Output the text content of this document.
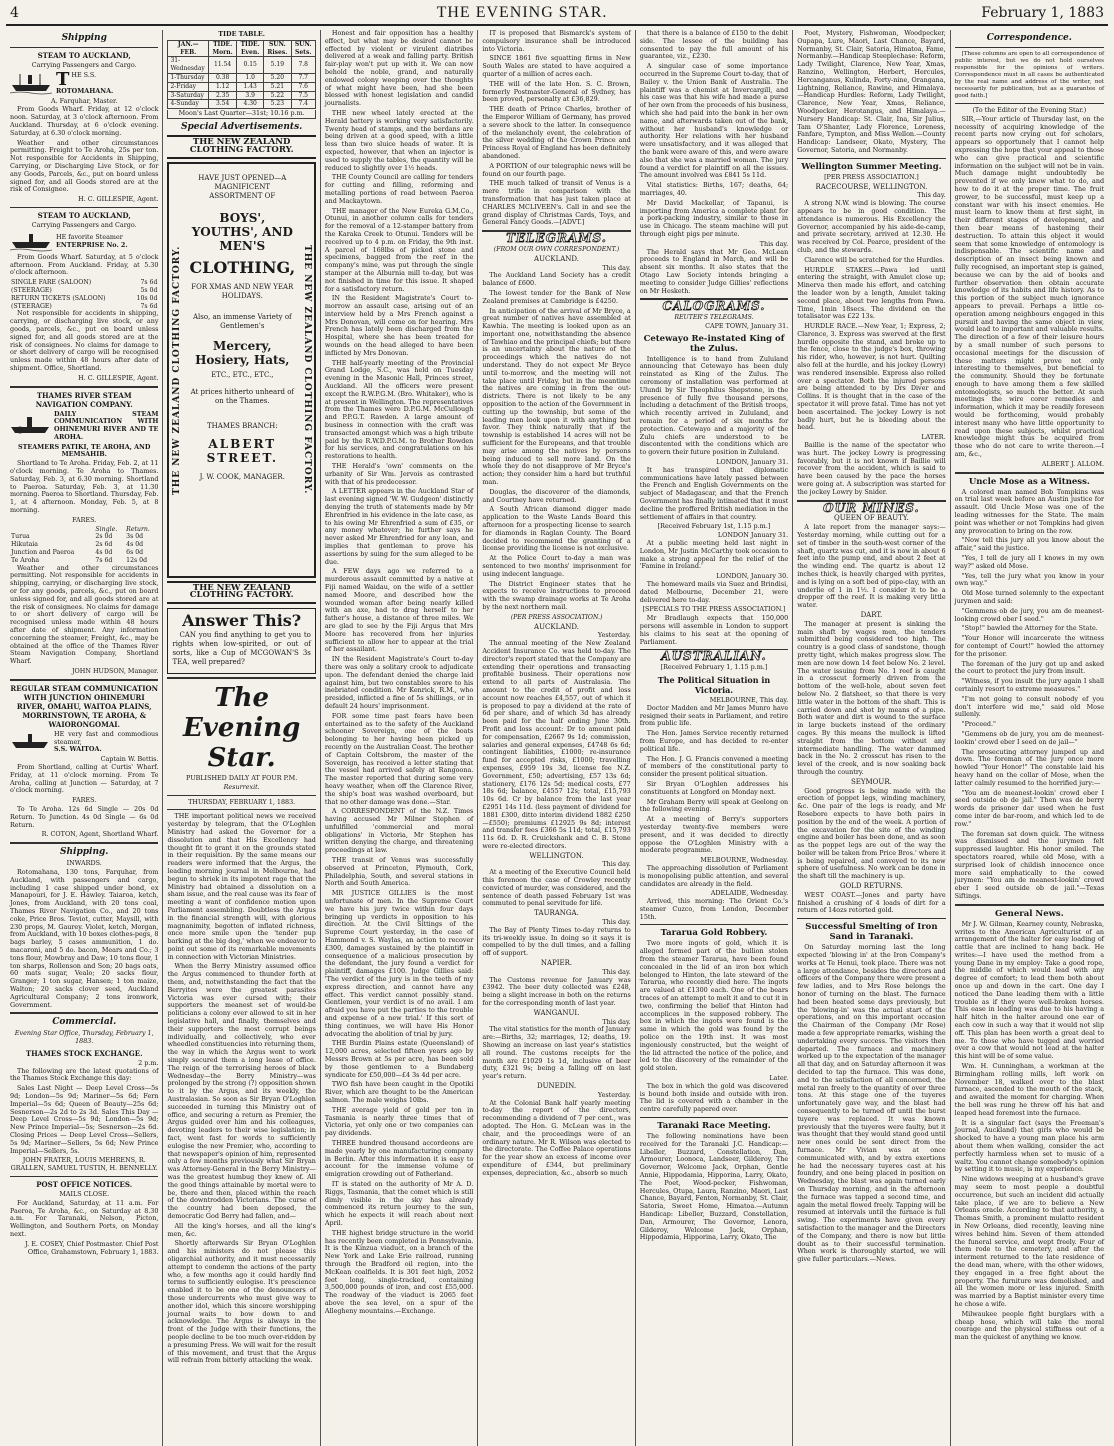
4	THE EVENING STAR.	February 1, 1883
Shipping
STEAM TO AUCKLAND,
Carrying Passengers and Cargo.
T HE S.S.
ROTOMAHANA.
A. Farquhar, Master.

From Goods Wharf. Friday, at 12 o'clock noon. Saturday, at 3 o'clock afternoon. From Auckland. Thursday, at 6 o'clock evening. Saturday, at 6.30 o'clock morning.

Weather and other circumstances permitting. Freight to Te Aroha, 25s per ton. Not responsible for Accidents in Shipping, Carrying, or Discharging Live Stock, or for any Goods, Parcels, &c., put on board unless signed for, and all Goods stored are at the risk of Consignee.

H. C. GILLESPIE, Agent.
STEAM TO AUCKLAND,
Carrying Passengers and Cargo.
HE favorite Steamer
ENTERPRISE No. 2.

From Goods Wharf. Saturday, at 5 o'clock afternoon. From Auckland. Friday, at 5.30 o'clock afternoon.

SINGLE FARE (SALOON)	7s 6d
(STEERAGE)	5s 0d
RETURN TICKETS (SALOON)	10s 0d
(STEERAGE)	7s 6d

Not responsible for accidents in shipping, carrying, or discharging live stock, or any goods, parcels, &c., put on board unless signed for, and all goods stored are at the risk of consignees. No claims for damage to or short delivery of cargo will be recognised unless made within 48 hours after date of shipment. Office, Shortland.

H. C. GILLESPIE, Agent.
THAMES RIVER STEAM NAVIGATION COMPANY.
DAILY STEAM COMMUNICATION WITH OHINEMURI RIVER AND TE AROHA.
STEAMERS PATIKI, TE AROHA, AND MEMSAHIB.

Shortland to Te Aroha. Friday, Feb. 2, at 11 o'clock morning. Te Aroha to Thames. Saturday, Feb. 3, at 6.30 morning. Shortland to Paeroa. Saturday, Feb. 3, at 11.30 morning. Paeroa to Shortland. Thursday, Feb. 1, at 4 afternoon. Monday, Feb. 5, at 8 morning.

FARES.
	Single.	Return.
Turua	2s 0d	3s 0d
Hikutaia	2s 6d	4s 0d
Junction and Paeroa	4s 0d	6s 0d
Te Aroha	7s 6d	12s 0d

Weather and other circumstances permitting. Not responsible for accidents in shipping, carrying, or discharging live stock, or for any goods, parcels, &c., put on board unless signed for, and all goods stored are at the risk of consignees. No claims for damage to or short delivery of cargo will be recognised unless made within 48 hours after date of shipment. Any information concerning the steamer, Freight, &c., may be obtained at the office of the Thames River Steam Navigation Company, Shortland Wharf.

JOHN HUDSON, Manager.
REGULAR STEAM COMMUNICATION WITH JUNCTION OHINEMURI RIVER, OMAHU, WAITOA PLAINS, MORRINSTOWN, TE AROHA, & WAIORONGOMAI.
HE very fast and commodious steamer,
S.S. WAITOA.
Captain W. Bettis.

From Shortland, calling at Curtis' Wharf. Friday, at 11 o'clock morning. From Te Aroha, calling at Junction — Saturday, at 7 o'clock morning.

FARES.

To Te Aroha. 12s 6d Single — 20s 0d Return. To Junction. 4s 0d Single — 6s 0d Return.

R. COTON, Agent, Shortland Wharf.
Shipping.
INWARDS.

Rotomahana, 130 tons, Farquhar, from Auckland, with passengers and cargo, including 1 case shipped under bond, ex Manapouri, for J. E. Hawley. Taiaroa, ketch, Jones, from Auckland, with 20 tons coal, Thames River Navigation Co., and 20 tons coke, Price Bros. Teviot, cutter, Maysill, with 230 props, M. Gaurey. Violet, ketch, Morgan, from Auckland, with 10 boxes clothes-pegs, 8 bags barley, 5 cases ammunition, 1 do. macaroni, and 5 do. bacon, Mears and Co.; 3 tons flour, Mowbray and Daw; 10 tons flour, 1 ton sharps, Rollenson and Son; 20 bags oats, 60 mats sugar, Vealo; 20 sacks flour, Granger; 1 ton sugar, Hansen; 1 ton maize, Walton; 20 sacks clover seed, Auckland Agricultural Company; 2 tons ironwork, Government.

Commercial.
Evening Star Office, Thursday, February 1, 1883.
THAMES STOCK EXCHANGE.
2 p.m.

The following are the latest quotations of the Thames Stock Exchange this day:

Sales Last Night — Deep Level Cross—5s 9d; London—5s 9d; Mariner—5s 6d; Fern Imperial—5s 6d; Queen of Beauty—25s 6d; Sesnerson—2s 2d to 2s 3d. Sales This Day — Deep Level Cross—5s 9d; London—5s 9d; New Prince Imperial—5s; Sesnerson—2s 6d. Closing Prices — Deep Level Cross—Sellers, 5s 9d; Mariner—Sellers, 5s 6d; New Prince Imperial—Sellers, 5s.

JOHN FRATER, LOUIS MEHRENS, R. GRALLEN, SAMUEL TUSTIN, H. BENNELLY.
POST OFFICE NOTICES.
MAILS CLOSE.

For Auckland, Saturday, at 11 a.m. For Paeroa, Te Aroha, &c., on Saturday at 8.30 a.m. For Taranaki, Nelson, Picton, Wellington, and Southern Ports, on Monday next.

J. E. COSEY, Chief Postmaster. Chief Post Office, Grahamstown, February 1, 1883.
TIDE TABLE.
JAN.—FEB.	TIDE. Morn.	TIDE. Even.	SUN. Rises.	SUN. Sets.
31-Wednesday	11.54	0.15	5.19	7.8
1-Thursday	0.38	1.0	5.20	7.7
2-Friday	1.12	1.43	5.21	7.6
3-Saturday	2.35	3.9	5.22	7.5
4-Sunday	3.54	4.30	5.23	7.4
Moon's Last Quarter—31st; 10.16 p.m.
Special Advertisements.
THE NEW ZEALAND CLOTHING FACTORY.
THE NEW ZEALAND CLOTHING FACTORY.
HAVE JUST OPENED—A MAGNIFICENT ASSORTMENT OF
BOYS', YOUTHS', AND MEN'S
CLOTHING,
FOR XMAS AND NEW YEAR HOLIDAYS.
Also, an immense Variety of Gentlemen's
Mercery, Hosiery, Hats,
ETC., ETC., ETC.,
At prices hitherto unheard of on the Thames.
THAMES BRANCH:
ALBERT STREET.
J. W. COOK, MANAGER.	THE NEW ZEALAND CLOTHING FACTORY.
THE NEW ZEALAND CLOTHING FACTORY.
Answer This?

CAN you find anything to get you to rights when low-spirited, or out of sorts, like a Cup of MCGOWAN'S 3s TEA, well prepared?

The Evening Star.
PUBLISHED DAILY AT FOUR P.M.
Resurrexit.
THURSDAY, FEBRUARY 1, 1883.

THE important political news we received yesterday by telegram, that the O'Loghlen Ministry had asked the Governor for a dissolution and that His Excellency had thought fit to grant it on the grounds stated in their requisition. By the same means our readers were informed that the Argus, the leading morning journal in Melbourne, had begun to shriek in its impotent rage that the Ministry had obtained a dissolution on a sham issue, and the real cause was its fear of meeting a want of confidence motion upon Parliament assembling. Doubtless the Argus in the financial strength will, with glorious magnanimity, begotten of inflated richness, once more smile upon the 'tender pup barking at the big dog,' when we endeavor to point out some of its remarkable movements in connection with Victorian Ministries.

When the Berry Ministry assumed office the Argus commenced to thunder forth at them, and, notwithstanding the fact that the Berryites were the greatest parasites Victoria was ever cursed with; their supporters the meanest set of would-be politicians a colony ever allowed to sit in her legislative hall, and finally, themselves and their supporters the most corrupt beings individually, and collectively, who ever wheedled constituencies into returning them, the way in which the Argus went to work simply secured them a long lease of office. The reign of the terrorising heroes of black Wednesday—the Berry Ministry—was prolonged by the strong (?) opposition shown to it by the Argus, and its weekly, the Australasian. So soon as Sir Bryan O'Loghlen succeeded in turning this Ministry out of office, and securing a return as Premier, the Argus guided over him and his colleagues, devoting leaders to their wise legislation; in fact, went fast for words to sufficiently eulogise the new Premier, who, according to that newspaper's opinion of him, represented only a few months previously what Sir Bryan was Attorney-General in the Berry Ministry—was the greatest humbug they knew of. All the good things attainable by mortal were to be, there and then, placed within the reach of the downtrodden Victorians. The curse of the country had been deposed, the democratic God Berry had fallen, and—

All the king's horses, and all the king's men, &c.

Shortly afterwards Sir Bryan O'Loghlen and his ministers do not please this oligarchial authority, and it must necessarily attempt to condemn the actions of the party who, a few months ago it could hardly find terms to sufficiently eulogise. It's prescience enabled it to be one of the denouncers of those undercurrents who must give way to another idol, which this sincere worshipping journal waits to bow down to and acknowledge. The Argus is always in the front of the Judge with their functions, the people decline to be too much over-ridden by a presuming Press. We will wait for the result of this movement, and trust that the Argus will refrain from bitterly attacking the weak.

Honest and fair opposition has a healthy effect, but what may be desired cannot be effected by violent or virulent diatribes delivered at a weak and falling party. British fair-play won't put up with it. We can now behold the noble, grand, and naturally endowed colony weeping over the thoughts of what might have been, had she been blessed with honest legislation and candid journalists.

THE new wheel lately erected at the Herald battery is working very satisfactorily. Twenty head of stamps, and the berdans are being driven at a good speed, with a little less than two sluice heads of water. It is expected, however, that when an injector is used to supply the tables, the quantity will be reduced to slightly over 1½ heads.

THE County Council are calling for tenders for cutting and filling, reforming and metalling portions of road between Paeroa and Mackaytown.

THE manager of the New Eureka G.M.Co., Otunui, in another column calls for tenders for the removal of a 12-stamper battery from the Karaka Creek to Otunui. Tenders will be received up to 4 p.m. on Friday, the 9th inst. A parcel of 168lbs of picked stone and specimens, bagged from the reef in the company's mine, was put through the single stamper at the Alburnia mill to-day, but was not finished in time for this issue. It shaped for a satisfactory return.

IN the Resident Magistrate's Court to-morrow an assault case, arising out of an interview held by a Mrs French against a Mrs Donovan, will come on for hearing. Mrs French has lately been discharged from the Hospital, where she has been treated for wounds on the head alleged to have been inflicted by Mrs Donovan.

THE half-yearly meeting of the Provincial Grand Lodge, S.C., was held on Tuesday evening in the Masonic Hall, Princes street, Auckland. All the officers were present except the R.W.P.G.M. (Bro. Whitaker), who is at present in Wellington. The representatives from the Thames were D.P.G.M. McCullough and P.P.G.T. Rawden. A large amount of business in connection with the craft was transacted amongst which was a high tribute paid by the R.W.D.P.G.M. to Brother Rowden for his services, and congratulations on his restorations to health.

THE Herald's 'own' comments on the urbanity of Sir Wm. Jervois as contrasted with that of his predecessor.

A LETTER appears in the Auckland Star of last evening signed 'W. W. Gudgeon' distinctly denying the truth of statements made by Mr Ehrenfried in his evidence in the late case, as to his owing Mr Ehrenfried a sum of £35, or any money whatever; he further says he never asked Mr Ehrenfried for any loan, and implies that gentleman to prove his assertions by suing for the sum alleged to be due.

A FEW days ago we referred to a murderous assault committed by a native at Fiji named Waidau, on the wife of a settler named Moore, and described how the wounded woman after being nearly killed with an axe, had to drag herself to her father's house, a distance of three miles. We are glad to see by the Fiji Argus that Mrs Moore has recovered from her injuries sufficient to allow her to appear at the trial of her assailant.

IN the Resident Magistrate's Court to-day there was only a solitary crook to adjudicate upon. The defendant denied the charge laid against him, but two constables swore to his inebriated condition. Mr Kenrick, R.M., who presided, inflicted a fine of 5s shillings, or in default 24 hours' imprisonment.

FOR some time past fears have been entertained as to the safety of the Auckland schooner Sovereign, one of the boats belonging to her having been picked up recently on the Australian Coast. The brother of Captain Coltsbrom, the master of the Sovereign, has received a letter stating that the vessel had arrived safely at Rangoona. The master reported that during some very heavy weather, when off the Clarence River, the ship's boat was washed overboard, but that no other damage was done.—Star.

A CORRESPONDENT of the N.Z. Times having accused Mr Milner Stephen of unfulfilled 'commercial and moral obligations' in Victoria, Mr Stephen has written denying the charge, and threatening proceedings at law.

THE transit of Venus was successfully observed at Princeton, Plymouth, Cork, Philadelphia, South, and several stations in North and South America.

MR JUSTICE GILLIES is the most unfortunate of men. In the Supreme Court we have his jury twice within four days bringing up verdicts in opposition to his direction. At the Civil Sittings of the Supreme Court yesterday, in the case of Hammond v. S. Waylas, an action to recover £300, damages sustained by the plaintiff in consequence of a malicious prosecution by the defendant, the jury found a verdict for plaintiff, damages £100. Judge Gillies said: 'The verdict of the jury is in the teeth of my express direction, and cannot have any effect. This verdict cannot possibly stand. Gentlemen, your verdict is of no avail. I am afraid you have put the parties to the trouble and expense of a new trial.' If this sort of thing continues, we will have His Honor advocating the abolition of trial by jury.

THE Burdin Plains estate (Queensland) of 12,000 acres, selected fifteen years ago by Messrs Brown at 5s per acre, has been sold by those gentlemen to a Bundaberg syndicate for £50,000—£4 3s 4d per acre.

TWO fish have been caught in the Opotiki River, which are thought to be the American salmon. The male weighs 10lbs.

THE average yield of gold per ton in Tasmania is nearly three times that of Victoria, yet only one or two companies can pay dividends.

THREE hundred thousand accordeons are made yearly by one manufacturing company in Berlin. After this information it is easy to account for the immense volume of emigration crowding out of Fatherland.

IT is stated on the authority of Mr A. D. Riggs, Tasmania, that the comet which is still dimly visible in the sky has already commenced its return journey to the sun, which he expects it will reach about next April.

THE highest bridge structure in the world has recently been completed in Pennsylvania. It is the Kinzua viaduct, on a branch of the New York and Lake Erie railroad, running through the Bradford oil region, into the McKean coalfields. It is 301 feet high, 2052 feet long, single-tracked, containing 3,500,000 pounds of iron, and cost £55,000. The roadway of the viaduct is 2065 feet above the sea level, on a spur of the Allegheny mountains.—Exchange.

IT is proposed that Bismarck's system of compulsory insurance shall be introduced into Victoria.

SINCE 1861 five squatting firms in New South Wales are stated to have acquired a quarter of a million of acres each.

THE will of the late Hon. S. C. Brown, formerly Postmaster-General of Sydney, has been proved, personalty at £36,829.

THE death of Prince Charles, brother of the Emperor William of Germany, has proved a severe shock to the latter. In consequence of the melancholy event, the celebration of the silver wedding of the Crown Prince and Princess Royal of England has been definitely abandoned.

A PORTION of our telegraphic news will be found on our fourth page.

THE much talked of transit of Venus is a mere trifle in comparison with the transformation that has just taken place at CHARLES MCLIVEEN's. Call in and see the grand display of Christmas Cards, Toys, and General Fancy Goods.—[ADVT.]

TELEGRAMS.
(FROM OUR OWN CORRESPONDENT.)
AUCKLAND.
This day.

The Auckland Land Society has a credit balance of £600.

The lowest tender for the Bank of New Zealand premises at Cambridge is £4250.

In anticipation of the arrival of Mr Bryce, a great number of natives have assembled at Kawhia. The meeting is looked upon as an important one, notwithstanding the absence of Tawhiao and the principal chiefs; but there is an uncertainty about the nature of the proceedings which the natives do not understand. They do not expect Mr Bryce until to-morrow, and the meeting will not take place until Friday, but in the meantime the natives are coming in from the out-districts. There is not likely to be any opposition to the action of the Government in cutting up the township, but some of the leading men look upon it with anything but favor. They think naturally that if the township is established 14 acres will not be sufficient for the Europeans, and that trouble may arise among the natives by persons being induced to sell more land. On the whole they do not disapprove of Mr Bryce's action; they consider him a hard but truthful man.

Douglas, the discoverer of the diamonds, and Courtney have returned.

A South African diamond digger made application to the Waste Lands Board this afternoon for a prospecting license to search for diamonds in Raglan County. The Board decided to recommend the granting of a license providing the license is not exclusive.

At the Police Court to-day a man was sentenced to two months' imprisonment for using indecent language.

The District Engineer states that he expects to receive instructions to proceed with the swamp drainage works at Te Aroha by the next northern mail.

(PER PRESS ASSOCIATION.)
AUCKLAND.
Yesterday.

The annual meeting of the New Zealand Accident Insurance Co. was held to-day. The director's report stated that the Company are extending their operations and transacting profitable business. Their operations now extend to all parts of Australasia. The amount to the credit of profit and loss account now reaches £4,557, out of which it is proposed to pay a dividend at the rate of 6d per share, and of which 3d has already been paid for the half ending June 30th. Profit and loss account: Dr to amount paid for compensation, £2667 9s 1d; commission, salaries and general expenses, £4748 6s 6d; contingent liabilities, £1000; re-insurance fund for accepted risks, £1000; travelling expenses, £959 19s 3d, license fee N.Z. Government, £50; advertising, £57 13s 6d; stationery, £176 12s 5d; medical costs, £77 18s 6d; balance, £4557 12s; total, £15,793 10s 6d. Cr by balance from the last year £2951 14s 11d. (less payment of dividend for 1881 £300, ditto interim dividend 1882 £250—£550); premiums £12925 9s 8d; interest and transfer fees £366 5s 11d; total, £15,793 11s 6d. D. R. Cruickshank and C. B. Stone were re-elected directors.

WELLINGTON.
This day.

At a meeting of the Executive Council held this forenoon the case of Crowley recently convicted of murder, was considered, and the sentence of death passed February 1st was commuted to penal servitude for life.

TAURANGA.
This day.

The Bay of Plenty Times to-day returns to its tri-weekly issue. In doing so it says it is compelled to by the dull times, and a falling off of support.

NAPIER.
This day.

The Customs revenue for January was £3942. The beer duty collected was £248, being a slight increase in both on the returns for the corresponding month of last year.

WANGANUI.
This day.

The vital statistics for the month of January are:—Births, 32; marriages, 12; deaths, 19. Showing an increase on last year's statistics all round. The customs receipts for the month are £1029 1s 1d, inclusive of beer duty, £321 9s; being a falling off on last year's return.

DUNEDIN.
Yesterday.

At the Colonial Bank half yearly meeting to-day the report of the directors, recommending a dividend of 7 per cent., was adopted. The Hon. G. McLean was in the chair, and the proceedings were of an ordinary nature. Mr R. Wilson was elected to the directorate. The Coffee Palace operations for the year show an excess of income over expenditure of £344, but preliminary expenses, depreciation, &c., absorb so much

that there is a balance of £150 to the debit side. The lessee of the building has consented to pay the full amount of his guarantee, viz., £230.

A singular case of some importance occurred in the Supreme Court to-day, that of Bailey v. the Union Bank of Australia. The plaintiff was a chemist at Invercargill, and his case was that his wife had made a purse of her own from the proceeds of his business, which she had paid into the bank in her own name, and afterwards taken out of the bank, without her husband's knowledge or authority. Her relations with her husband were unsatisfactory, and it was alleged that the bank were aware of this, and were aware also that she was a married woman. The jury found a verdict for plaintiff on all the issues. The amount involved was £841 5s 11d.

Vital statistics: Births, 167; deaths, 64; marriages, 40.

Mr David Mackellar, of Tapanui, is importing from America a complete plant for a pork-packing industry, similar to those in use in Chicago. The steam machine will put through eight pigs per minute.

This day.

The Herald says that Mr Geo. McLean proceeds to England in March, and will be absent six months. It also states that the Otago Law Society intends bringing a meeting to consider Judge Gillies' reflections on Mr Hesketh.

CALOGRAMS.
REUTER'S TELEGRAMS.
CAPE TOWN, January 31.
Cetewayo Re-instated King of the Zulus.

Intelligence is to hand from Zululand announcing that Cetewayo has been duly reinstated as King of the Zulus. The ceremony of installation was performed at Ulundi by Sir Theophilus Shepstone, in the presence of fully five thousand persons, including a detachment of the British troops, which recently arrived in Zululand, and remain for a period of six months for protection. Cetewayo and a majority of the Zulu chiefs are understood to be discontented with the conditions which are to govern their future position in Zululand.

LONDON, January 31.

It has transpired that diplomatic communications have lately passed between the French and English Governments on the subject of Madagascar, and that the French Government has finally intimated that it must decline the proffered British mediation in the settlement of affairs in that country.

[Received February 1st, 1.15 p.m.]
LONDON January 31.

At a public meeting held last night in London, Mr Justin McCarthy took occasion to make a strong appeal for the relief of the 'Famine in Ireland.'

LONDON, January 30.

The homeward mails via Suez and Brindisi, dated Melbourne, December 21, were delivered here to-day.

[SPECIALS TO THE PRESS ASSOCIATION.]

Mr Bradlaugh expects that 150,000 persons will assemble in London to support his claims to his seat at the opening of Parliament.

AUSTRALIAN.
[Received February 1, 1.15 p.m.]
The Political Situation in Victoria.
MELBOURNE, This day.

Doctor Madden and Mr James Munro have resigned their seats in Parliament, and retire from public life.

The Hon. James Service recently returned from Europe, and has decided to re-enter political life.

The Hon. J. G. Francis convened a meeting of members of the constitutional party to consider the present political situation.

Sir Bryan O'Loghlen addresses his constituents at Longford on Monday next.

Mr Graham Berry will speak at Geelong on the following evening.

At a meeting of Berry's supporters yesterday twenty-five members were present, and it was decided to directly oppose the O'Loghlen Ministry with a moderate programme.

MELBOURNE, Wednesday.

The approaching dissolution of Parliament is monopolising public attention, and several candidates are already in the field.

ADELAIDE, Wednesday.

Arrived, this morning: The Orient Co.'s steamer Cuzco, from London, December 15th.

Tararua Gold Robbery.

Two more ingots of gold, which it is alleged formed part of the bullion stolen from the steamer Tararua, have been found concealed in the lid of an iron box which belonged to Hinton, the late steward of the Tararua, who recently died here. The ingots are valued at £1300 each. One of the bears traces of an attempt to melt it and to cut it in two, confirming the belief that Hinton had accomplices in the supposed robbery. The box in which the ingots were found is the same in which the gold was found by the police on the 19th inst. It was most ingeniously constructed, but the weight of the lid attracted the notice of the police, and led to the discovery of the remainder of the gold stolen.

Later.

The box in which the gold was discovered is bound both inside and outside with iron. The lid is covered with a chamber in the centre carefully papered over.

Taranaki Race Meeting.

The following nominations have been received for the Taranaki J.C. Handicap:— Libeller, Buzzard, Constellation, Dan, Armourer, Loonoca, Landseer, Gilderoy, The Governor, Welcome Jack, Orphan, Gentle Annie, Hippodamia, Hipporina, Larry, Okato, The Poet, Wood-pecker, Fishwoman, Hercules, Otupa, Laura, Ranzino, Maori, Last Chance, Bayard, Fenton, Normanby, St. Clair, Satoria, Sweet Home, Himatoa.—Autumn Handicap: Libeller, Buzzard, Constellation, Dan, Armourer, The Governor, Lenora, Gilderoy, Welcome Jack, Orphan, Hippodamia, Hipporina, Larry, Okato, The

Poet, Mystery, Fishwoman, Woodpecker, Oupapa, Lure, Maori, Last Chance, Bayard, Normanby, St. Clair, Satoria, Himatoa, Fame, Normanby.—Handicap Steeplechase: Reform, Lady Twilight, Clarence, New Year, Xmas, Ranzino, Wellington, Herbert, Hercules, Hercanganus, Kulinda, Forty-nine, Orangana, Lightning, Reliance, Rawine, and Himalaya.—Handicap Hurdles: Reform, Lady Twilight, Clarence, New Year, Xmas, Reliance, Woodpecker, Herotangus, and Himalaya.—Nursery Handicap: St. Clair, Ina, Sir Julius, Tam O'Shanter, Lady Florence, Loreness, Fanfare, Tympton, and Miss Wellon.—County Handicap: Landseer, Okato, Mystery, The Governor, Satoria, and Normanby.

Wellington Summer Meeting.
[PER PRESS ASSOCIATION.]
RACECOURSE, WELLINGTON.
This day.

A strong N.W. wind is blowing. The course appears to be in good condition. The attendance is numerous. His Excellency the Governor, accompanied by his aide-de-camp, and private secretary, arrived at 12.30. He was received by Col. Pearce, president of the club, and the stewards.

Clarence will be scratched for the Hurdles.

HURDLE STAKES.—Pawa led until entering the straight, with Amulet close up; Minerva then made his effort, and catching the leader won by a length, Amulet taking second place, about two lengths from Pawa. Time, 1min 18secs. The dividend on the totalisator was £22 13s.

HURDLE RACE.—New Year, 1; Express, 2; Clarence, 3. Express was swerved at the first hurdle opposite the stand, and broke up to the fence, close to the judge's box, throwing his rider, who, however, is not hurt. Quilting also fell at the hurdle, and his jockey (Lowry) was rendered insensible. Express also rolled over a spectator. Both the injured persons are being attended to by Drs Diver and Collins. It is thought that in the case of the spectator it will prove fatal. Time has not yet been ascertained. The jockey Lowry is not badly hurt, but he is bleeding about the head.

LATER.

Baillie is the name of the spectator who was hurt. The jockey Lowry is progressing favorably, but it is not known if Baillie will recover from the accident, which is said to have been caused by the pace the horses were going at. A subscription was started for the jockey Lowry by Snider.

OUR MINES.
QUEEN OF BEAUTY.

A late report from the manager says:— Yesterday morning, while cutting out for a set of timber in the south-west corner of the shaft, quartz was cut, and it is now in about 6 feet into the pump end, and about 2 feet at the winding end. The quartz is about 12 inches thick, is heavily charged with pyrites, and is lying on a soft bed of pipe-clay, with an underlie of 1 in 1½. I consider it to be a dropper off the reef. It is making very little water.

DART.

The manager at present is sinking the main shaft by wages men, the tenders submitted being considered too high. The country is a good class of sandstone, though pretty tight, which makes progress slow. The men are now down 14 feet below No. 2 level. The water issuing from No. 1 reef is caught in a crosscut formerly driven from the bottom of the well-hole, about seven feet below No. 2 flatsheet, so that there is very little water in the bottom of the shaft. This is carried down and shot by means of a pipe. Both water and dirt is wound to the surface in large buckets instead of the ordinary cages. By this means the mullock is lifted straight from the bottom without any intermediate handling. The water dammed back in the No. 2 crosscut has risen to the level of the creek, and is now soaking back through the country.

SEYMOUR.

Good progress is being made with the erection of poppet legs, winding machinery, &c. One pair of the legs is ready, and Mr Rosebore expects to have both pairs in position by the end of the week. A portion of the excavation for the site of the winding engine and boiler has been done, and as soon as the poppet legs are out of the way the boiler will be taken from Price Bros.' where it is being repaired, and conveyed to its new sphere of usefulness. No work can be done in the shaft till the machinery is up.

GOLD RETURNS.

WEST COAST.—Jones and party have finished a crushing of 4 loads of dirt for a return of 14ozs retorted gold.

Successful Smelting of Iron Sand in Taranaki.

On Saturday morning last the long expected 'blowing in' at the Iron Company's works at Te Henui, took place. There was not a large attendance, besides the directors and officers of the Company there were present a few ladies, and to Mrs Rose belongs the honor of turning on the blast. The furnace had been heated some days previously, but the 'blowing-in' was the actual start of the operations, and on this important occasion the Chairman of the Company (Mr Rose) made a few appropriate remarks, wishing the undertaking every success. The visitors then departed. The furnace and machinery worked up to the expectation of the manager all that day, and on Saturday afternoon it was decided to tap the furnace. This was done, and to the satisfaction of all concerned, the metal ran freely to the quantity of over three tons. At this stage one of the tuyeres unfortunately gave way, and the blast had consequently to be turned off until the burst tuyere was replaced. It was known previously that the tuyeres were faulty, but it was thought that they would stand good until new ones could be sent direct from the furnace. Mr Vivian was at once communicated with, and by extra exertions he had the necessary tuyeres cast at his foundry, and one being placed in position on Wednesday, the blast was again turned early on Thursday morning, and in the afternoon the furnace was tapped a second time, and again the metal flowed freely. Tapping will be resumed at intervals until the furnace is full swing. The experiments have given every satisfaction to the manager and the Directors of the Company, and there is now but little doubt as to their successful termination. When work is thoroughly started, we will give fuller particulars.—News.

Correspondence.

[These columns are open to all correspondence of public interest, but we do not hold ourselves responsible for the opinions of writers. Correspondence must in all cases be authenticated by the real name and address of the writer, not necessarily for publication, but as a guarantee of good faith.]

(To the Editor of the Evening Star.)

SIR,—Your article of Thursday last, on the necessity of acquiring knowledge of the recent parts now crying out for scholars, appears so opportunely that I cannot help expressing the hope that your appeal to those who can give practical and scientific information on the subject will not be in vain. Much damage might undoubtedly be prevented if we only knew what to do, and how to do it at the proper time. The fruit grower, to be successful, must keep up a constant war with his insect enemies. He must learn to know them at first sight, in their different stages of development, and then bear means of hastening their destruction. To attain this object it would seem that some knowledge of entomology is indispensable. The scientific name and description of an insect being known and fully recognised, an important step is gained, because we can by the aid of books and further observation then obtain accurate knowledge of its habits and life history. As to this portion of the subject much ignorance appears to prevail. Perhaps a little co-operation among neighbours engaged in this pursuit and having the same object in view, would lead to important and valuable results. The direction of a few of their leisure hours by a small number of such persons to occasional meetings for the discussion of these matters might prove not only interesting to themselves, but beneficial to the community. Should they be fortunate enough to have among them a few skilled entomologists, so much the better. At such meetings the wire corer remedies and information, which it may be readily foreseen would be forthcoming, would probably interest many who have little opportunity to read upon these subjects, whilst practical knowledge might thus be acquired from those who do not care to write thereon.—I am, &c.,

ALBERT J. ALLOM.
Uncle Mose as a Witness.

A colored man named Bob Tompkins was on trial last week before an Austin justice for assault. Old Uncle Mose was one of the leading witnesses for the State. The main point was whether or not Tompkins had given any provocation to bring on the row.

"Now tell this jury all you know about the affair," said the justice.

"Yes, I tell de jury all I knows in my own way?" asked old Mose.

"Yes, tell the jury what you know in your own way."

Old Mose turned solemnly to the expectant jurymen and said:

"Gemmens ob de jury, you am de meanest-looking crowd ober I seed."

"Stop!" bawled the Attorney for the State.

"Your Honor will incarcerate the witness for contempt of Court!" howled the attorney for the prisoner.

The foreman of the jury got up and asked the court to protect the jury from insult.

"Witness, if you insult the jury again I shall certainly resort to extreme measures."

"I'm not going to consult nobody ef you don't interfere wid me," said old Mose sullenly.

"Proceed."

"Gemmens ob de jury, you am de meanest-lookin' crowd eber I seed on de jail—"

The prosecuting attorney jumped up and down. The foreman of the jury once more howled "Your Honor!" The constable laid his heavy hand on the collar of Mose, when the latter calmly resumed to the horrified jury:—

"You am de meanest-lookin' crowd eber I seed outside ob de jail." Then was de berry words de prisoner dar used when he fust come inter de bar-room, and which led to de row."

The foreman sat down quick. The witness was dismissed and the jurymen felt suppressed laughter. His honor smiled. The spectators roared, while old Mose, with a surprised look of childish innocence once more said emphatically to the cowed jurymen: "You am de meanest-lookin' crowd eber I seed outside ob de jail."—Texas Siftings.

General News.

Mr J. W. Gilman, Kearney county, Nebraska, writes to the American Agriculturist of an arrangement of the halter for easy loading of cattle that are inclined to hang back. He writes:—I have used the method from a young Dane in my employ: Take a good rope, the middle of which would lead with any degree of comfort; to lead them both about once up and down in the cart. One day I noticed the Dane leading them with a little trouble as if they were well-broken horses. This ease in leading was due to his having a half hitch in the halter around one ear of each cow in such a way that it would not slip off. This plan has been worth a great deal to me. To those who have tugged and worried over a cow that would not lead at the halter this hint will be of some value.

Wm. H. Cunningham, a workman at the Birmingham rolling mills, left work on November 18, walked over to the blast furnace, ascended to the mouth of the stack, and awaited the moment for charging. When the bell was rung he threw off his hat and leaped head foremost into the furnace.

It is a singular fact (says the Freeman's Journal, Auckland) that girls who would be shocked to have a young man place his arm about them when walking, consider the act perfectly harmless when set to music of a waltz. You cannot change somebody's opinion by setting it to music, is my experience.

Nine widows weeping at a husband's grave may seem to most people a doubtful occurrence, but such an incident did actually take place, if we are to believe a New Orleans oracle. According to that authority, a Thomas Smith, a prominent mulatto resident in New Orleans, died recently, leaving nine wives behind him. Seven of them attended the funeral service, and wept freely. Four of them rode to the cemetery, and after the interment returned to the late residence of the dead man, where, with the other widows, they engaged in a free fight about the property. The furniture was demolished, and all the women more or less injured. Smith was married by a Baptist minister every time he chose a wife.

Milwaukee people fight burglars with a cheap hose, which will take the moral courage and the physical stiffness out of a man the quickest of anything we know.
